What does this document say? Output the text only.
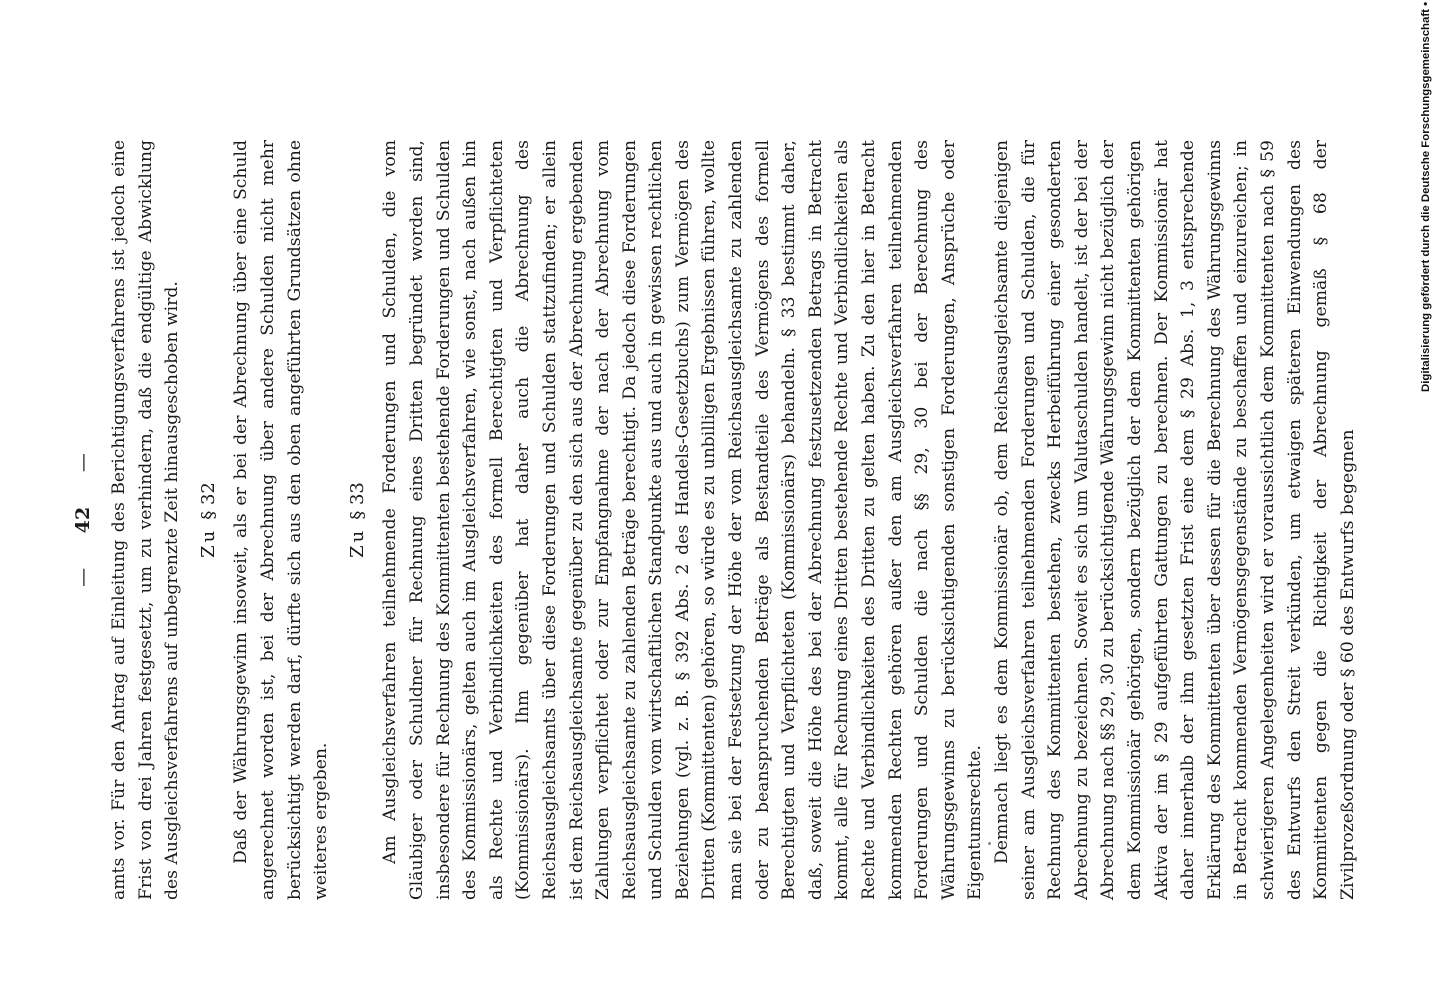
— 42 — amts vor. Für den Antrag auf Einleitung des Berichtigungsverfahrens ist jedoch eine Frist von drei Jahren festgesetzt, um zu verhindern, daß die endgültige Abwicklung des Ausgleichsverfahrens auf unbegrenzte Zeit hinausgeschoben wird. Zu§ 32 Daß der Währungsgewinn insoweit, als er bei der Abrechnung über eine Schuld angerechnet worden ist, bei der Abrechnung über andere Schulden nicht mehr berücksichtigt werden darf, dürfte sich aus den oben angeführten Grundsätzen ohne weiteres ergeben.

Zu§ 33 Am Ausgleichsverfahren teilnehmende Forderungen und Schulden, die vom Gläubiger oder Schuldner für Rechnung eines Dritten begründet worden sind, insbesondere für Rechnung des Kommittenten bestehende Forderungen und Schulden des Kommissionärs, gelten auch im Ausgleichsverfahren, wie sonst, nach außen hin als Rechte und Verbindlichkeiten des formell Berechtigten und Verpflichteten (Kommissionärs). Ihm gegenüber hat daher auch die Abrechnung des Reichsausgleichsamts über diese Forderungen und Schulden stattzufinden; er allein ist dem Reichsausgleichsamte gegenüber zu den sich aus der Abrechnung ergebenden Zahlungen verpflichtet oder zur Empfangnahme der nach der Abrechnung vom Reichsausgleichsamte zu zahlenden Beträge berechtigt. Da jedoch diese Forderungen und Schulden vom wirtschaftlichen Standpunkte aus und auch in gewissen rechtlichen Beziehungen (vgl. z. B. § 392 Abs. 2 des Handels-Gesetzbuchs) zum Vermögen des Dritten (Kommittenten) gehören, so würde es zu unbilligen Ergebnissen führen, wollte man sie bei der Festsetzung der Höhe der vom Reichsausgleichsamte zu zahlenden oder zu beanspruchenden Beträge als Bestandteile des Vermögens des formell Berechtigten und Verpflichteten (Kommissionärs) behandeln. § 33 bestimmt daher, daß, soweit die Höhe des bei der Abrechnung festzusetzenden Betrags in Betracht kommt, alle für Rechnung eines Dritten bestehende Rechte und Verbindlichkeiten als Rechte und Verbindlichkeiten des Dritten zu gelten haben. Zu den hier in Betracht kommenden Rechten gehören außer den am Ausgleichsverfahren teilnehmenden Forderungen und Schulden die nach §§ 29, 30 bei der Berechnung des Währungsgewinns zu berücksichtigenden sonstigen Forderungen, Ansprüche oder Eigentumsrechte. Demnach liegt es dem Kommissionär ob, dem Reichsausgleichsamte diejenigen seiner am Ausgleichsverfahren teilnehmenden Forderungen und Schulden, die für Rechnung des Kommittenten bestehen, zwecks Herbeiführung einer gesonderten Abrechnung zu bezeichnen. Soweit es sich um Valutaschulden handelt, ist der bei der Abrechnung nach §§ 29, 30 zu berücksichtigende Währungsgewinn nicht bezüglich der dem Kommissionär gehörigen, sondern bezüglich der dem Kommittenten gehörigen Aktiva der im § 29 aufgeführten Gattungen zu berechnen. Der Kommissionär hat daher innerhalb der ihm gesetzten Frist eine dem § 29 Abs. 1, 3 entsprechende Erklärung des Kommittenten über dessen für die Berechnung des Währungsgewinns in Betracht kommenden Vermögensgegenstände zu beschaffen und einzureichen; in schwierigeren Angelegenheiten wird er voraussichtlich dem Kommittenten nach § 59 des Entwurfs den Streit verkünden, um etwaigen späteren Einwendungen des Kommittenten gegen die Richtigkeit der Abrechnung gemäß § 68 der Zivilprozeßordnung oder § 60 des Entwurfs begegnen

Digitalisierung gefördert durch die Deutsche Forschungsgemeinschaft •
